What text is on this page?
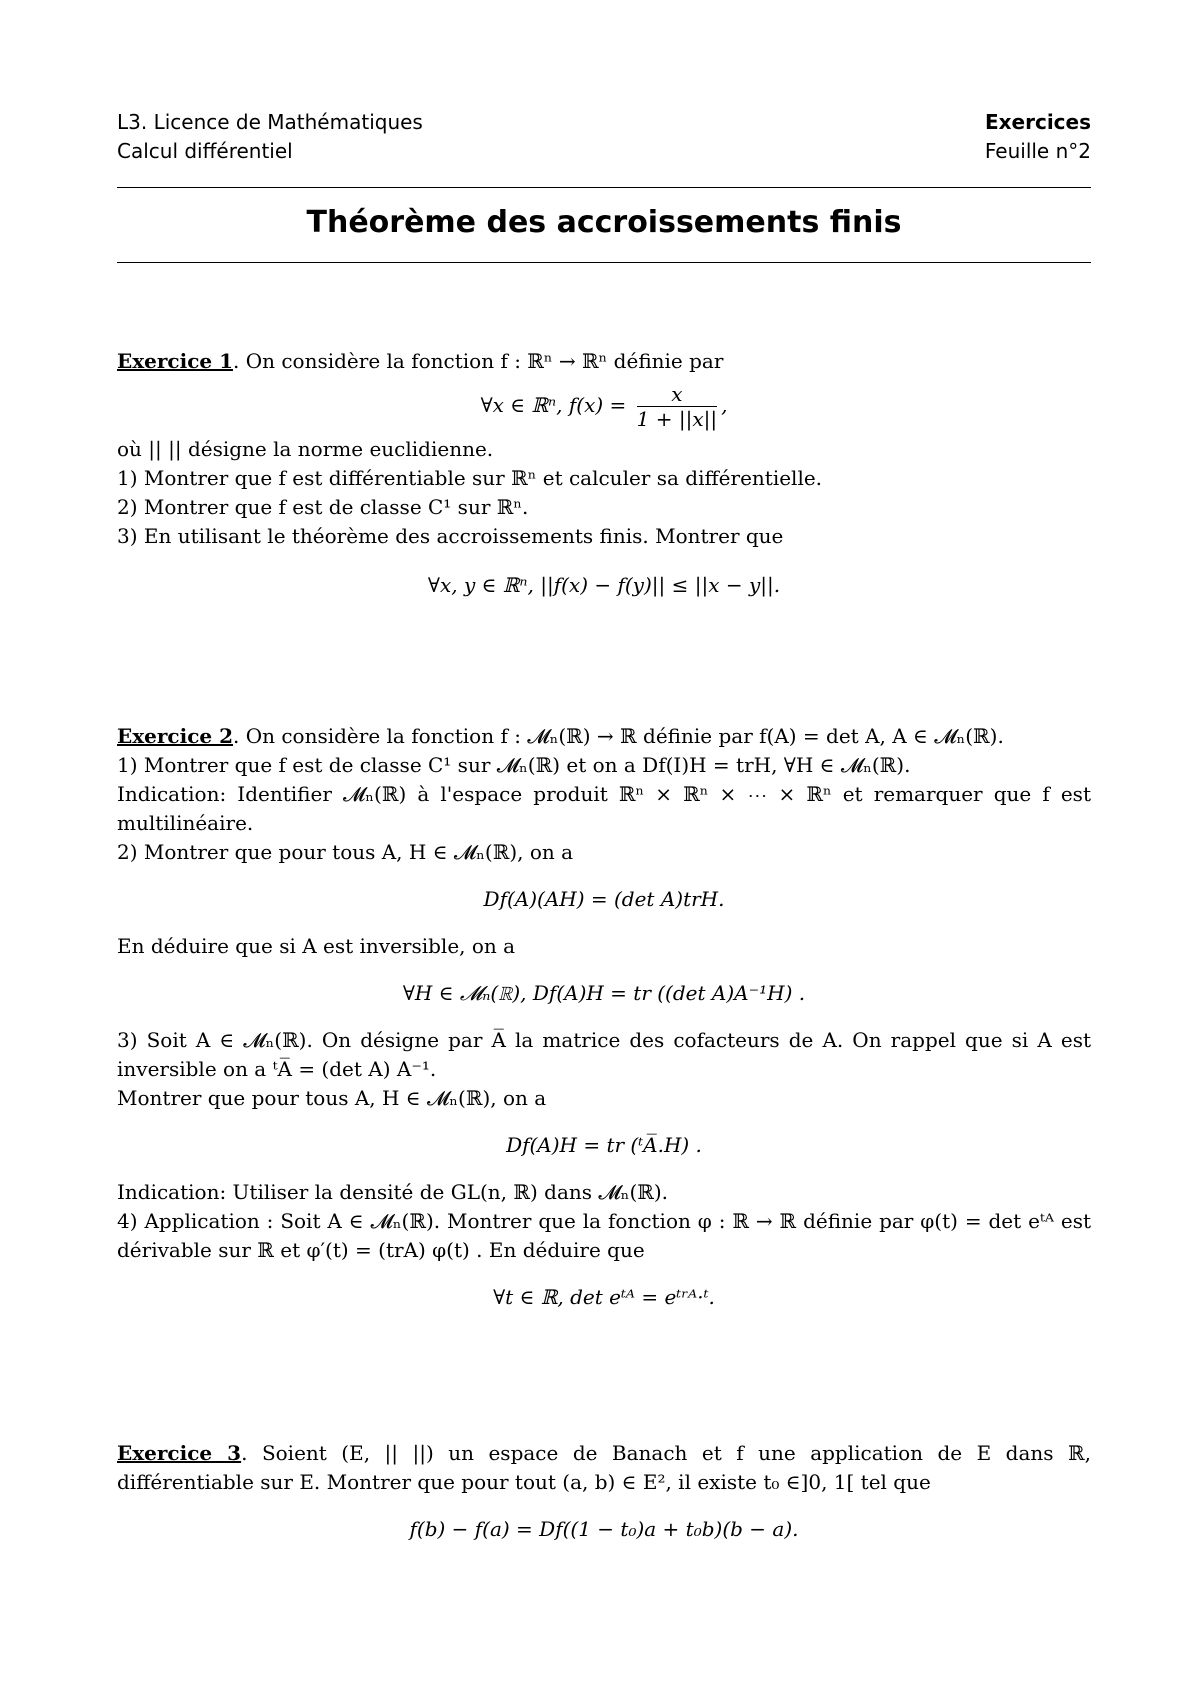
L3. Licence de Mathématiques
Calcul différentiel
Exercices
Feuille n°2
Théorème des accroissements finis
Exercice 1. On considère la fonction f : ℝⁿ → ℝⁿ définie par
∀x ∈ ℝⁿ, $f(x) = \frac{x}{1 + ||x||}$ ,
où || || désigne la norme euclidienne.
1) Montrer que f est différentiable sur ℝⁿ et calculer sa différentielle.
2) Montrer que f est de classe C¹ sur ℝⁿ.
3) En utilisant le théorème des accroissements finis. Montrer que
∀x, y ∈ ℝⁿ, ||f(x) − f(y)|| ≤ ||x − y||.
Exercice 2. On considère la fonction f : 𝓜ₙ(ℝ) → ℝ définie par f(A) = det A, A ∈ 𝓜ₙ(ℝ).
1) Montrer que f est de classe C¹ sur 𝓜ₙ(ℝ) et on a Df(I)H = trH, ∀H ∈ 𝓜ₙ(ℝ).
Indication: Identifier 𝓜ₙ(ℝ) à l'espace produit ℝⁿ × ℝⁿ × ⋯ × ℝⁿ et remarquer que f est multilinéaire.
2) Montrer que pour tous A, H ∈ 𝓜ₙ(ℝ), on a
Df(A)(AH) = (det A)trH.
En déduire que si A est inversible, on a
∀H ∈ 𝓜ₙ(ℝ), Df(A)H = tr ((det A)A⁻¹H) .
3) Soit A ∈ 𝓜ₙ(ℝ). On désigne par A̅ la matrice des cofacteurs de A. On rappel que si A est inversible on a ᵗA̅ = (det A) A⁻¹.
Montrer que pour tous A, H ∈ 𝓜ₙ(ℝ), on a
Df(A)H = tr (ᵗA̅.H) .
Indication: Utiliser la densité de GL(n, ℝ) dans 𝓜ₙ(ℝ).
4) Application : Soit A ∈ 𝓜ₙ(ℝ). Montrer que la fonction φ : ℝ → ℝ définie par φ(t) = det eᵗᴬ est dérivable sur ℝ et φ′(t) = (trA) φ(t) . En déduire que
∀t ∈ ℝ, det eᵗᴬ = eᵗʳᴬ·ᵗ.
Exercice 3. Soient (E, || ||) un espace de Banach et f une application de E dans ℝ, différentiable sur E. Montrer que pour tout (a, b) ∈ E², il existe t₀ ∈]0, 1[ tel que
f(b) − f(a) = Df((1 − t₀)a + t₀b)(b − a).
